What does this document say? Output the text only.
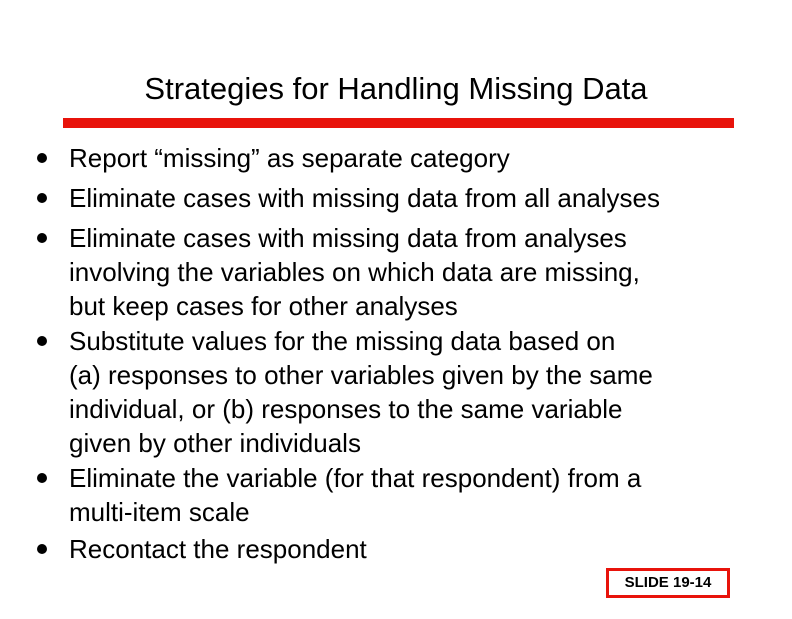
Strategies for Handling Missing Data
Report “missing” as separate category
Eliminate cases with missing data from all analyses
Eliminate cases with missing data from analyses
involving the variables on which data are missing,
but keep cases for other analyses
Substitute values for the missing data based on
(a) responses to other variables given by the same
individual, or (b) responses to the same variable
given by other individuals
Eliminate the variable (for that respondent) from a
multi-item scale
Recontact the respondent
SLIDE 19-14
